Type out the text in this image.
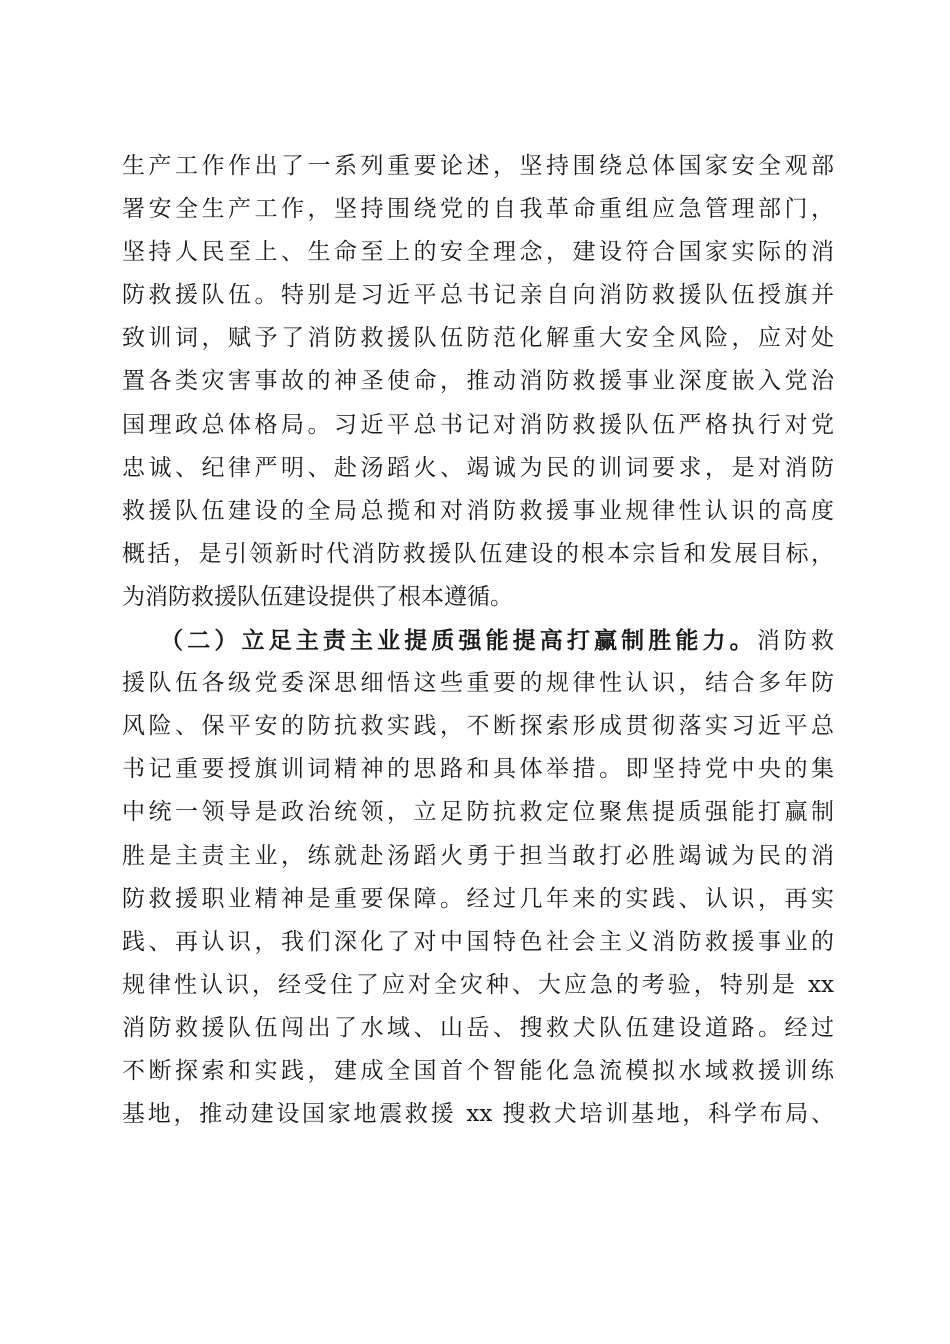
生产工作作出了一系列重要论述，坚持围绕总体国家安全观部
署安全生产工作，坚持围绕党的自我革命重组应急管理部门，
坚持人民至上、生命至上的安全理念，建设符合国家实际的消
防救援队伍。特别是习近平总书记亲自向消防救援队伍授旗并
致训词，赋予了消防救援队伍防范化解重大安全风险，应对处
置各类灾害事故的神圣使命，推动消防救援事业深度嵌入党治
国理政总体格局。习近平总书记对消防救援队伍严格执行对党
忠诚、纪律严明、赴汤蹈火、竭诚为民的训词要求，是对消防
救援队伍建设的全局总揽和对消防救援事业规律性认识的高度
概括，是引领新时代消防救援队伍建设的根本宗旨和发展目标，
为消防救援队伍建设提供了根本遵循。
（二）立足主责主业提质强能提高打赢制胜能力。消防救
援队伍各级党委深思细悟这些重要的规律性认识，结合多年防
风险、保平安的防抗救实践，不断探索形成贯彻落实习近平总
书记重要授旗训词精神的思路和具体举措。即坚持党中央的集
中统一领导是政治统领，立足防抗救定位聚焦提质强能打赢制
胜是主责主业，练就赴汤蹈火勇于担当敢打必胜竭诚为民的消
防救援职业精神是重要保障。经过几年来的实践、认识，再实
践、再认识，我们深化了对中国特色社会主义消防救援事业的
规律性认识，经受住了应对全灾种、大应急的考验，特别是 xx
消防救援队伍闯出了水域、山岳、搜救犬队伍建设道路。经过
不断探索和实践，建成全国首个智能化急流模拟水域救援训练
基地，推动建设国家地震救援 xx 搜救犬培训基地，科学布局、
